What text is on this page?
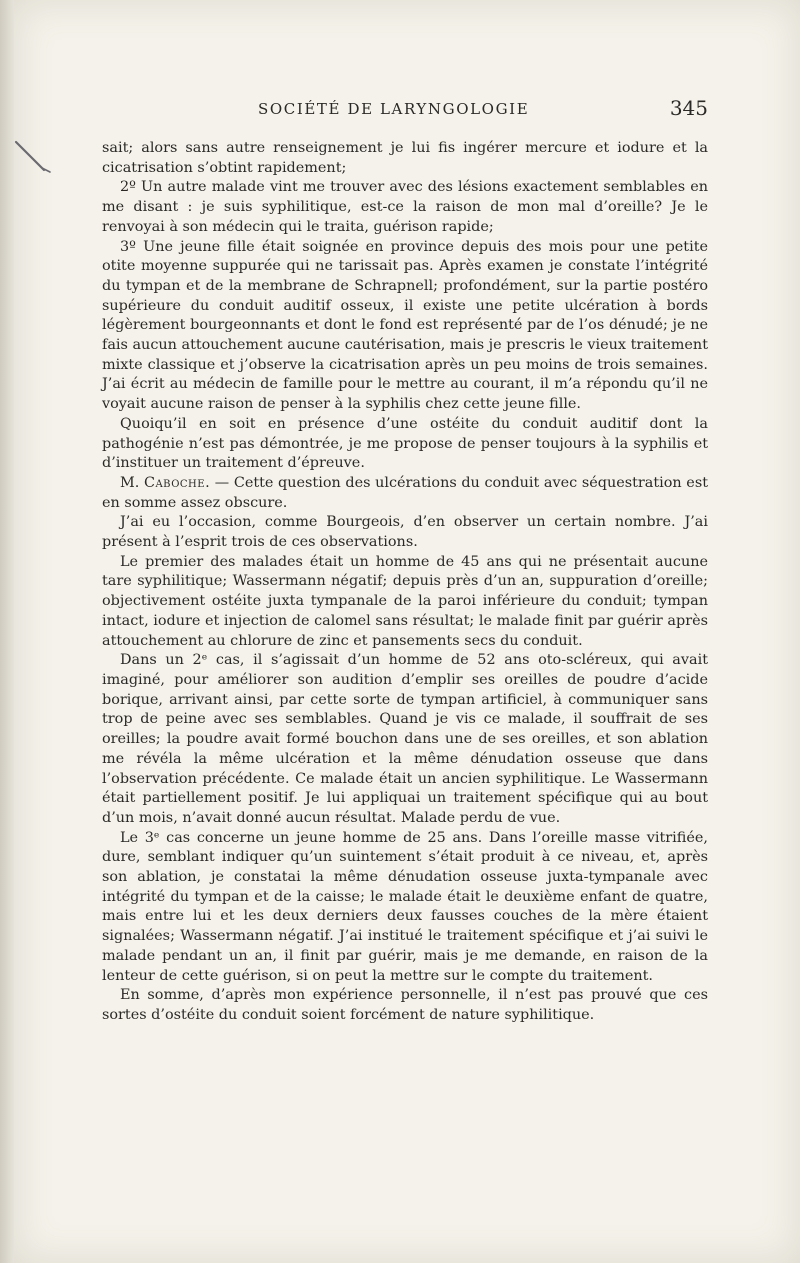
SOCIÉTÉ DE LARYNGOLOGIE	345

sait; alors sans autre renseignement je lui fis ingérer mercure et iodure et la cicatrisation s’obtint rapidement;

2º Un autre malade vint me trouver avec des lésions exactement semblables en me disant : je suis syphilitique, est-ce la raison de mon mal d’oreille? Je le renvoyai à son médecin qui le traita, guérison rapide;

3º Une jeune fille était soignée en province depuis des mois pour une petite otite moyenne suppurée qui ne tarissait pas. Après examen je constate l’intégrité du tympan et de la membrane de Schrapnell; profondément, sur la partie postéro supérieure du conduit auditif osseux, il existe une petite ulcération à bords légèrement bourgeonnants et dont le fond est représenté par de l’os dénudé; je ne fais aucun attouchement aucune cautérisation, mais je prescris le vieux traitement mixte classique et j’observe la cicatrisation après un peu moins de trois semaines. J’ai écrit au médecin de famille pour le mettre au courant, il m’a répondu qu’il ne voyait aucune raison de penser à la syphilis chez cette jeune fille.

Quoiqu’il en soit en présence d’une ostéite du conduit auditif dont la pathogénie n’est pas démontrée, je me propose de penser toujours à la syphilis et d’instituer un traitement d’épreuve.

M. Caboche. — Cette question des ulcérations du conduit avec séquestration est en somme assez obscure.

J’ai eu l’occasion, comme Bourgeois, d’en observer un certain nombre. J’ai présent à l’esprit trois de ces observations.

Le premier des malades était un homme de 45 ans qui ne présentait aucune tare syphilitique; Wassermann négatif; depuis près d’un an, suppuration d’oreille; objectivement ostéite juxta tympanale de la paroi inférieure du conduit; tympan intact, iodure et injection de calomel sans résultat; le malade finit par guérir après attouchement au chlorure de zinc et pansements secs du conduit.

Dans un 2ᵉ cas, il s’agissait d’un homme de 52 ans oto-scléreux, qui avait imaginé, pour améliorer son audition d’emplir ses oreilles de poudre d’acide borique, arrivant ainsi, par cette sorte de tympan artificiel, à communiquer sans trop de peine avec ses semblables. Quand je vis ce malade, il souffrait de ses oreilles; la poudre avait formé bouchon dans une de ses oreilles, et son ablation me révéla la même ulcération et la même dénudation osseuse que dans l’observation précédente. Ce malade était un ancien syphilitique. Le Wassermann était partiellement positif. Je lui appliquai un traitement spécifique qui au bout d’un mois, n’avait donné aucun résultat. Malade perdu de vue.

Le 3ᵉ cas concerne un jeune homme de 25 ans. Dans l’oreille masse vitrifiée, dure, semblant indiquer qu’un suintement s’était produit à ce niveau, et, après son ablation, je constatai la même dénudation osseuse juxta-tympanale avec intégrité du tympan et de la caisse; le malade était le deuxième enfant de quatre, mais entre lui et les deux derniers deux fausses couches de la mère étaient signalées; Wassermann négatif. J’ai institué le traitement spécifique et j’ai suivi le malade pendant un an, il finit par guérir, mais je me demande, en raison de la lenteur de cette guérison, si on peut la mettre sur le compte du traitement.

En somme, d’après mon expérience personnelle, il n’est pas prouvé que ces sortes d’ostéite du conduit soient forcément de nature syphilitique.
